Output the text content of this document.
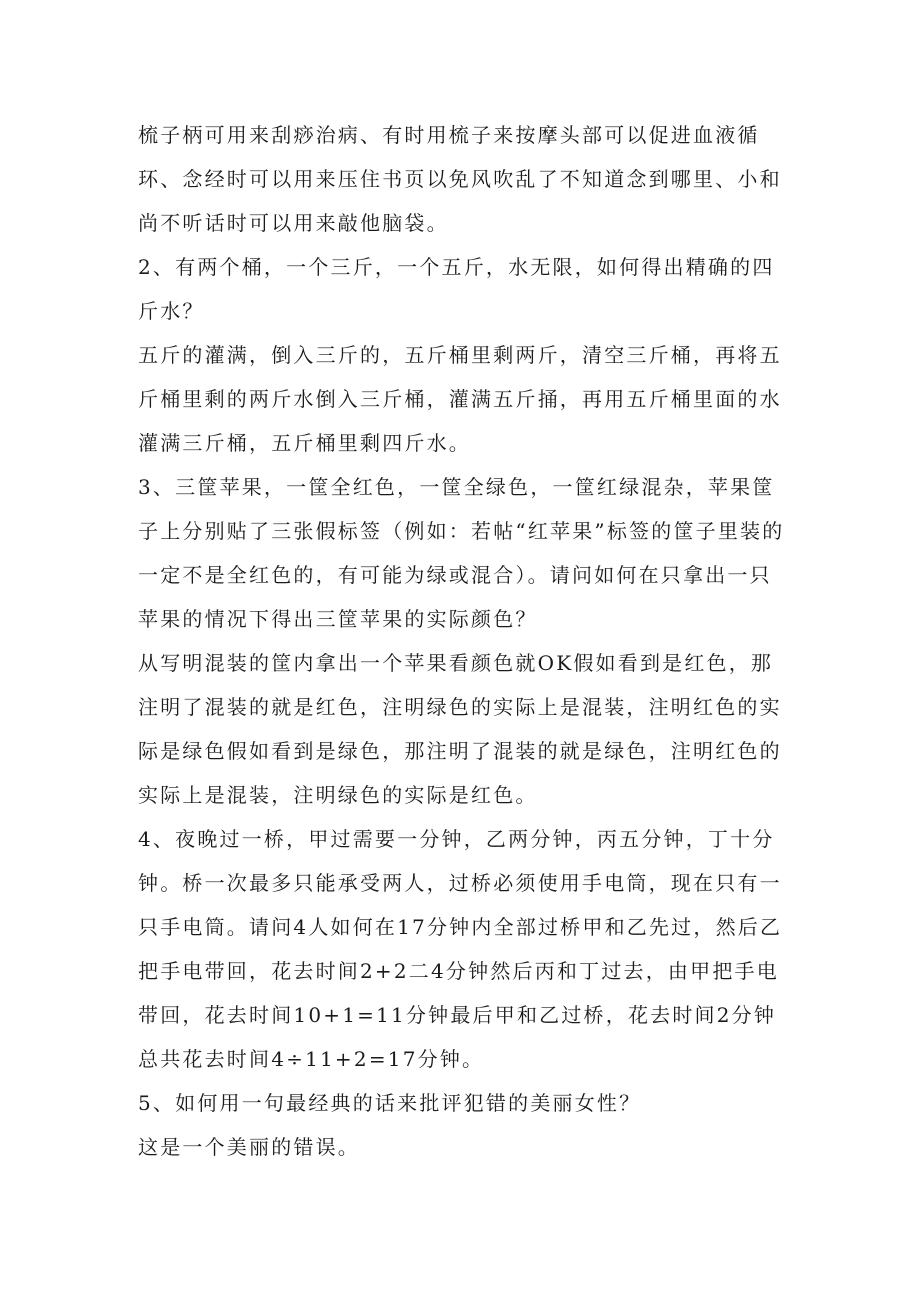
梳子柄可用来刮痧治病、有时用梳子来按摩头部可以促进血液循环、念经时可以用来压住书页以免风吹乱了不知道念到哪里、小和尚不听话时可以用来敲他脑袋。

2、有两个桶，一个三斤，一个五斤，水无限，如何得出精确的四斤水？

五斤的灌满，倒入三斤的，五斤桶里剩两斤，清空三斤桶，再将五斤桶里剩的两斤水倒入三斤桶，灌满五斤捅，再用五斤桶里面的水灌满三斤桶，五斤桶里剩四斤水。

3、三筐苹果，一筐全红色，一筐全绿色，一筐红绿混杂，苹果筐子上分别贴了三张假标签（例如：若帖“红苹果”标签的筐子里装的一定不是全红色的，有可能为绿或混合）。请问如何在只拿出一只苹果的情况下得出三筐苹果的实际颜色？

从写明混装的筐内拿出一个苹果看颜色就OK假如看到是红色，那注明了混装的就是红色，注明绿色的实际上是混装，注明红色的实际是绿色假如看到是绿色，那注明了混装的就是绿色，注明红色的实际上是混装，注明绿色的实际是红色。

4、夜晚过一桥，甲过需要一分钟，乙两分钟，丙五分钟，丁十分钟。桥一次最多只能承受两人，过桥必须使用手电筒，现在只有一只手电筒。请问4人如何在17分钟内全部过桥甲和乙先过，然后乙把手电带回，花去时间2+2二4分钟然后丙和丁过去，由甲把手电带回，花去时间10+1=11分钟最后甲和乙过桥，花去时间2分钟总共花去时间4÷11+2=17分钟。

5、如何用一句最经典的话来批评犯错的美丽女性？

这是一个美丽的错误。
